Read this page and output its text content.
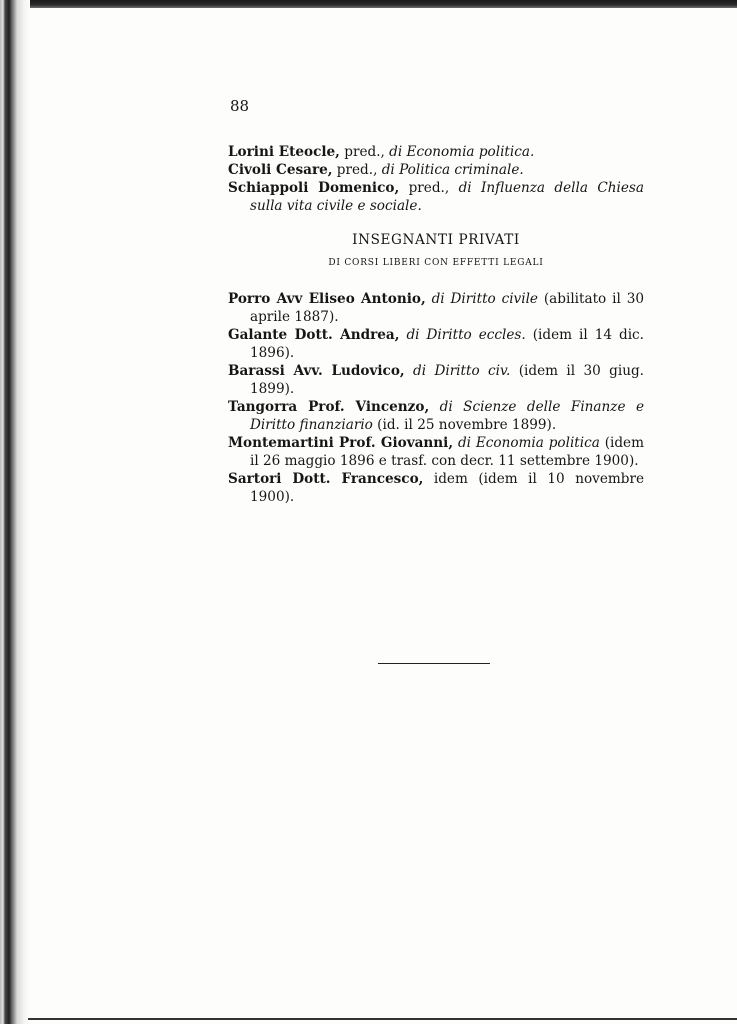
88
Lorini Eteocle, pred., di Economia politica.
Civoli Cesare, pred., di Politica criminale.
Schiappoli Domenico, pred., di Influenza della Chiesa sulla vita civile e sociale.
INSEGNANTI PRIVATI
DI CORSI LIBERI CON EFFETTI LEGALI
Porro Avv Eliseo Antonio, di Diritto civile (abilitato il 30 aprile 1887).
Galante Dott. Andrea, di Diritto eccles. (idem il 14 dic. 1896).
Barassi Avv. Ludovico, di Diritto civ. (idem il 30 giug. 1899).
Tangorra Prof. Vincenzo, di Scienze delle Finanze e Diritto finanziario (id. il 25 novembre 1899).
Montemartini Prof. Giovanni, di Economia politica (idem il 26 maggio 1896 e trasf. con decr. 11 settembre 1900).
Sartori Dott. Francesco, idem (idem il 10 novembre 1900).
